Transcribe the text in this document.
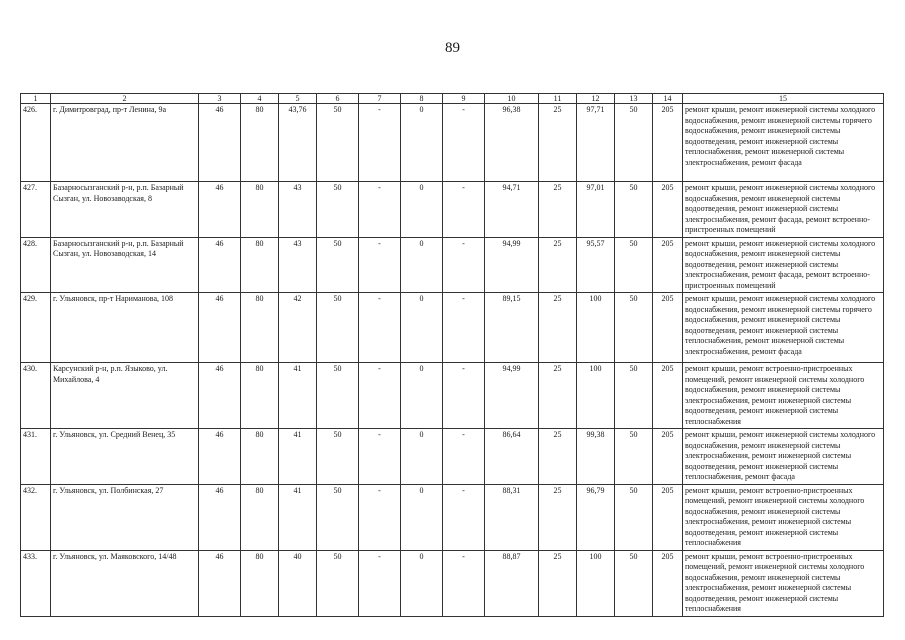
89
1	2	3	4	5	6	7	8	9	10	11	12	13	14	15
426.	г. Димитровград, пр-т Ленина, 9а	46	80	43,76	50	-	0	-	96,38	25	97,71	50	205	ремонт крыши, ремонт инженерной системы холодного водоснабжения, ремонт инженерной системы горячего водоснабжения, ремонт инженерной системы водоотведения, ремонт инженерной системы теплоснабжения, ремонт инженерной системы электроснабжения, ремонт фасада
427.	Базарносызганский р-н, р.п. Базарный Сызган, ул. Новозаводская, 8	46	80	43	50	-	0	-	94,71	25	97,01	50	205	ремонт крыши, ремонт инженерной системы холодного водоснабжения, ремонт инженерной системы водоотведения, ремонт инженерной системы электроснабжения, ремонт фасада, ремонт встроенно-пристроенных помещений
428.	Базарносызганский р-н, р.п. Базарный Сызган, ул. Новозаводская, 14	46	80	43	50	-	0	-	94,99	25	95,57	50	205	ремонт крыши, ремонт инженерной системы холодного водоснабжения, ремонт инженерной системы водоотведения, ремонт инженерной системы электроснабжения, ремонт фасада, ремонт встроенно-пристроенных помещений
429.	г. Ульяновск, пр-т Нариманова, 108	46	80	42	50	-	0	-	89,15	25	100	50	205	ремонт крыши, ремонт инженерной системы холодного водоснабжения, ремонт инженерной системы горячего водоснабжения, ремонт инженерной системы водоотведения, ремонт инженерной системы теплоснабжения, ремонт инженерной системы электроснабжения, ремонт фасада
430.	Карсунский р-н, р.п. Языково, ул. Михайлова, 4	46	80	41	50	-	0	-	94,99	25	100	50	205	ремонт крыши, ремонт встроенно-пристроенных помещений, ремонт инженерной системы холодного водоснабжения, ремонт инженерной системы электроснабжения, ремонт инженерной системы водоотведения, ремонт инженерной системы теплоснабжения
431.	г. Ульяновск, ул. Средний Венец, 35	46	80	41	50	-	0	-	86,64	25	99,38	50	205	ремонт крыши, ремонт инженерной системы холодного водоснабжения, ремонт инженерной системы электроснабжения, ремонт инженерной системы водоотведения, ремонт инженерной системы теплоснабжения, ремонт фасада
432.	г. Ульяновск, ул. Полбинская, 27	46	80	41	50	-	0	-	88,31	25	96,79	50	205	ремонт крыши, ремонт встроенно-пристроенных помещений, ремонт инженерной системы холодного водоснабжения, ремонт инженерной системы электроснабжения, ремонт инженерной системы водоотведения, ремонт инженерной системы теплоснабжения
433.	г. Ульяновск, ул. Маяковского, 14/48	46	80	40	50	-	0	-	88,87	25	100	50	205	ремонт крыши, ремонт встроенно-пристроенных помещений, ремонт инженерной системы холодного водоснабжения, ремонт инженерной системы электроснабжения, ремонт инженерной системы водоотведения, ремонт инженерной системы теплоснабжения
